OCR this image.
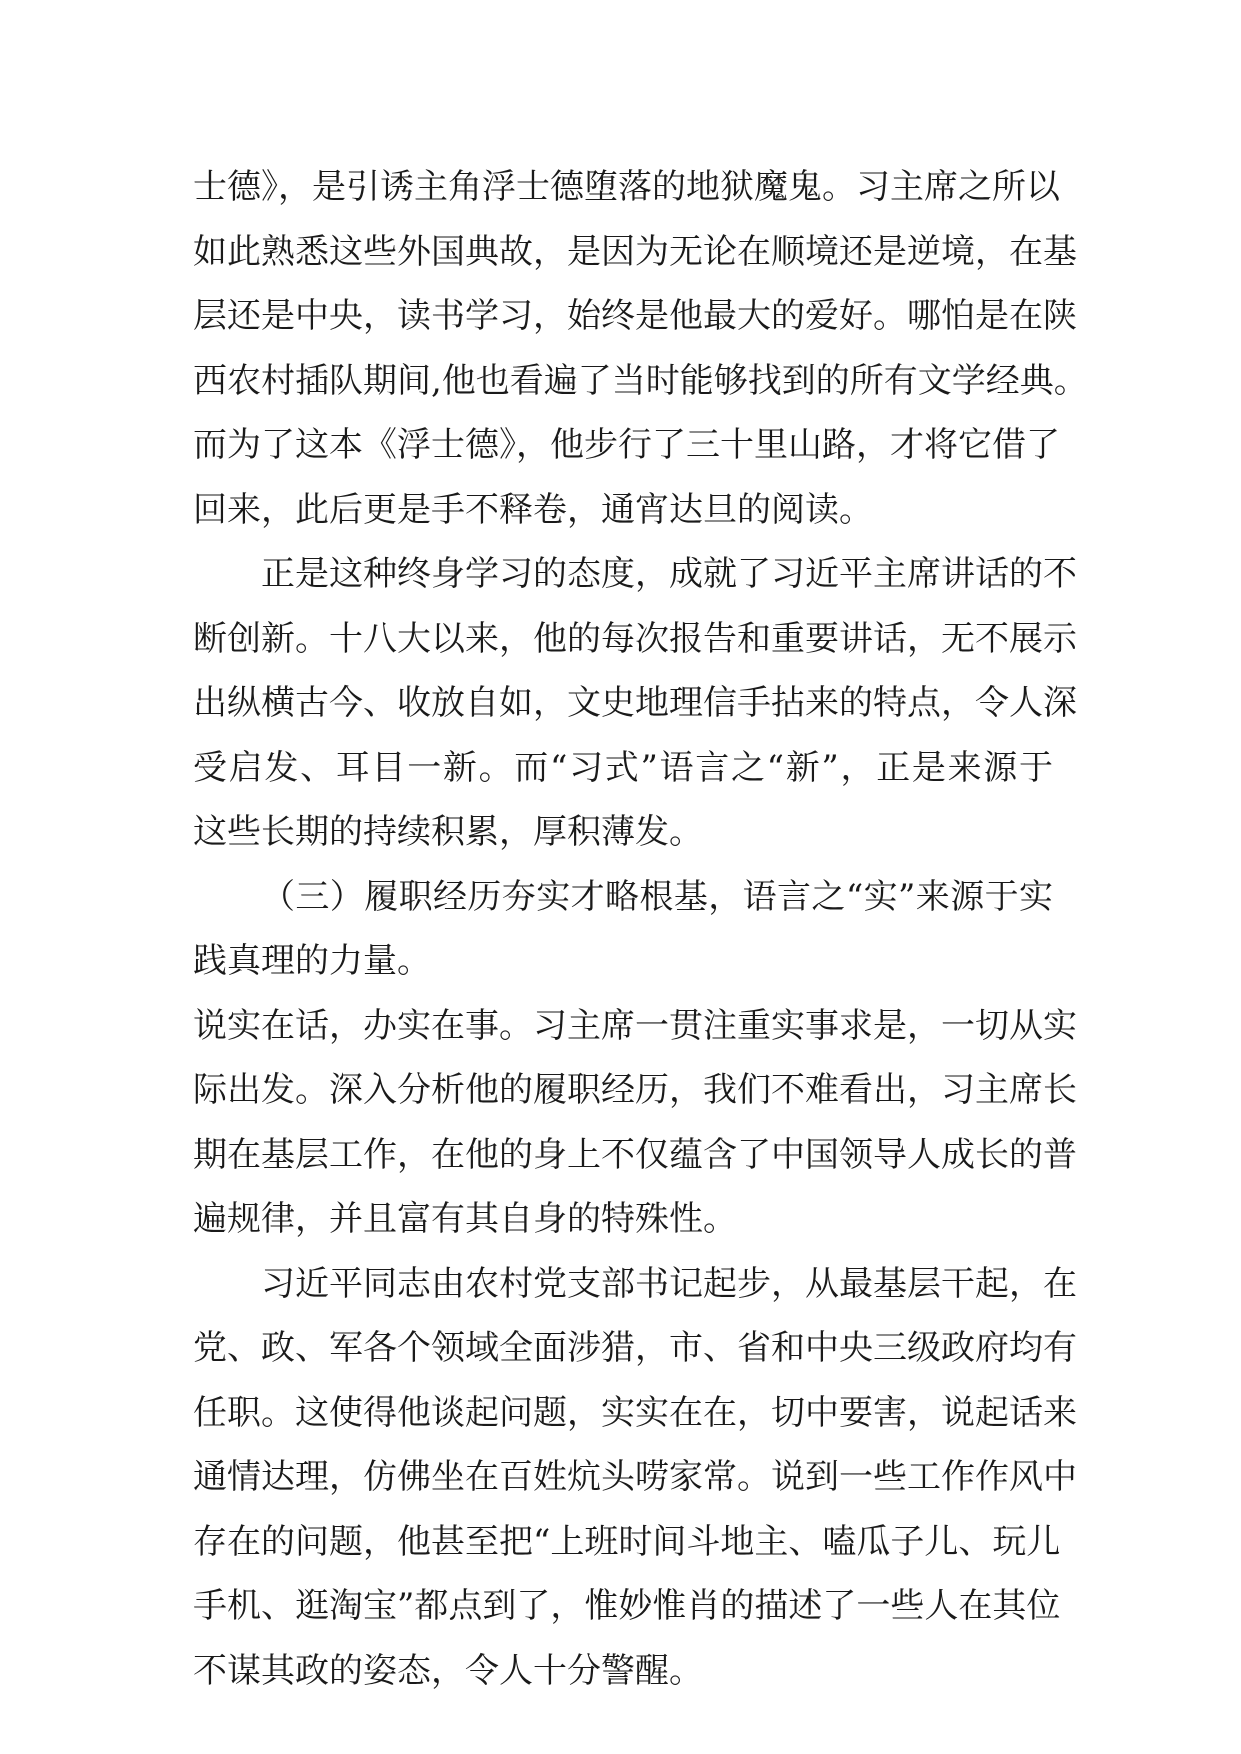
士德》，是引诱主角浮士德堕落的地狱魔鬼。习主席之所以
如此熟悉这些外国典故，是因为无论在顺境还是逆境，在基
层还是中央，读书学习，始终是他最大的爱好。哪怕是在陕
西农村插队期间,他也看遍了当时能够找到的所有文学经典。
而为了这本《浮士德》，他步行了三十里山路，才将它借了
回来，此后更是手不释卷，通宵达旦的阅读。
正是这种终身学习的态度，成就了习近平主席讲话的不
断创新。十八大以来，他的每次报告和重要讲话，无不展示
出纵横古今、收放自如，文史地理信手拈来的特点，令人深
受启发、耳目一新。而“习式”语言之“新”，正是来源于
这些长期的持续积累，厚积薄发。
（三）履职经历夯实才略根基，语言之“实”来源于实
践真理的力量。
说实在话，办实在事。习主席一贯注重实事求是，一切从实
际出发。深入分析他的履职经历，我们不难看出，习主席长
期在基层工作，在他的身上不仅蕴含了中国领导人成长的普
遍规律，并且富有其自身的特殊性。
习近平同志由农村党支部书记起步，从最基层干起，在
党、政、军各个领域全面涉猎，市、省和中央三级政府均有
任职。这使得他谈起问题，实实在在，切中要害，说起话来
通情达理，仿佛坐在百姓炕头唠家常。说到一些工作作风中
存在的问题，他甚至把“上班时间斗地主、嗑瓜子儿、玩儿
手机、逛淘宝”都点到了，惟妙惟肖的描述了一些人在其位
不谋其政的姿态，令人十分警醒。
